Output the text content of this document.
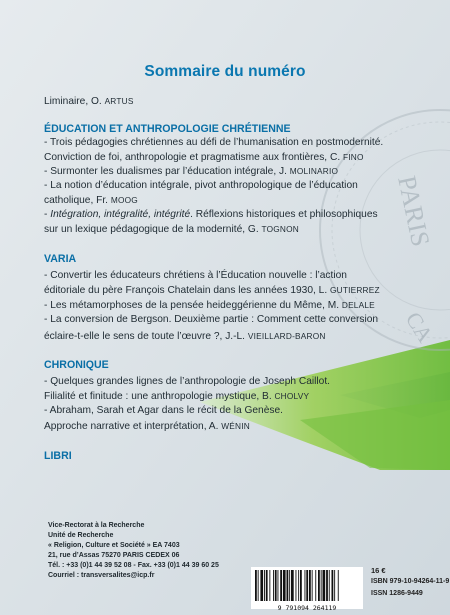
PARIS
CA
Sommaire du numéro
Liminaire, O. ARTUS
ÉDUCATION ET ANTHROPOLOGIE CHRÉTIENNE
- Trois pédagogies chrétiennes au défi de l’humanisation en postmodernité.
Conviction de foi, anthropologie et pragmatisme aux frontières, C. FINO
- Surmonter les dualismes par l’éducation intégrale, J. MOLINARIO
- La notion d’éducation intégrale, pivot anthropologique de l’éducation
catholique, Fr. MOOG
- Intégration, intégralité, intégrité. Réflexions historiques et philosophiques
sur un lexique pédagogique de la modernité, G. TOGNON
VARIA
- Convertir les éducateurs chrétiens à l’Éducation nouvelle : l’action
éditoriale du père François Chatelain dans les années 1930, L. GUTIERREZ
- Les métamorphoses de la pensée heideggérienne du Même, M. DELALE
- La conversion de Bergson. Deuxième partie : Comment cette conversion
éclaire-t-elle le sens de toute l’œuvre ?, J.-L. VIEILLARD-BARON
CHRONIQUE
- Quelques grandes lignes de l’anthropologie de Joseph Caillot.
Filialité et finitude : une anthropologie mystique, B. CHOLVY
- Abraham, Sarah et Agar dans le récit de la Genèse.
Approche narrative et interprétation, A. WÉNIN
LIBRI
Vice-Rectorat à la Recherche
Unité de Recherche
« Religion, Culture et Société » EA 7403
21, rue d’Assas 75270 PARIS CEDEX 06
Tél. : +33 (0)1 44 39 52 08 - Fax. +33 (0)1 44 39 60 25
Courriel : transversalites@icp.fr
9 791094 264119
16 €
ISBN 979-10-94264-11-9
ISSN 1286-9449
